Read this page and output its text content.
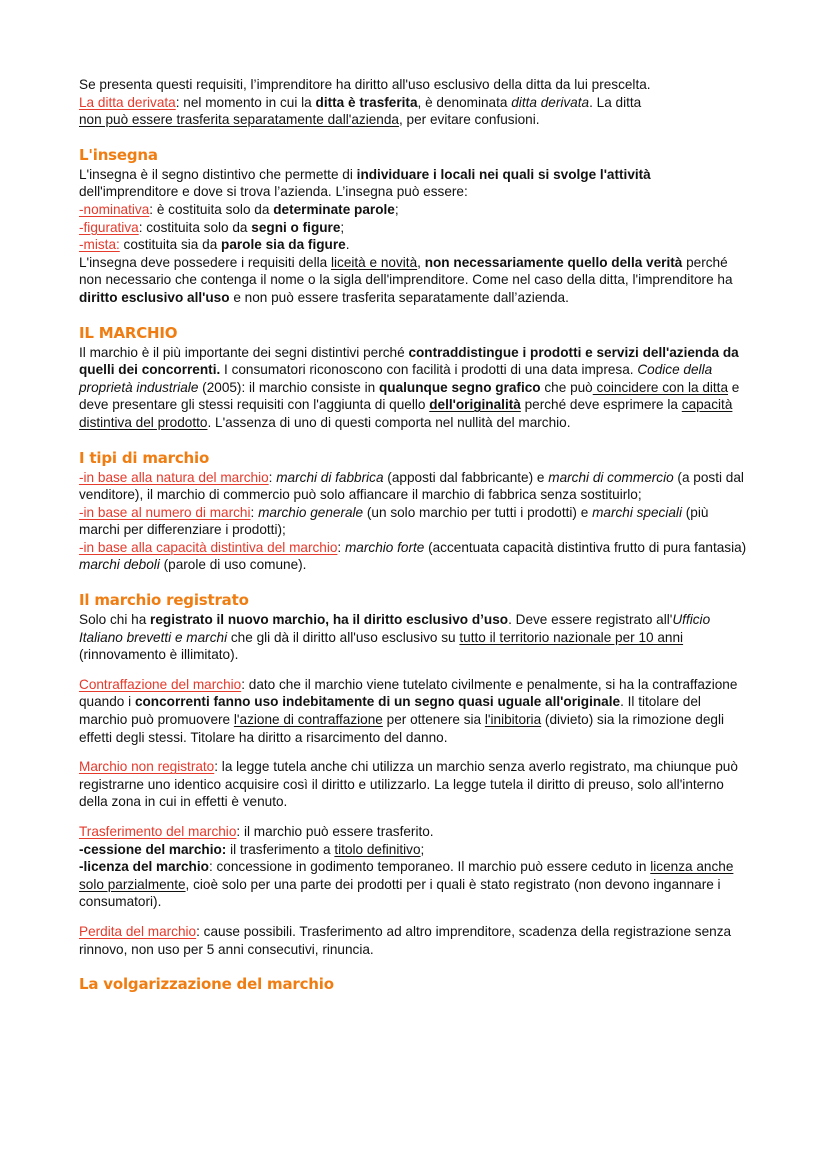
Se presenta questi requisiti, l’imprenditore ha diritto all'uso esclusivo della ditta da lui prescelta.
La ditta derivata: nel momento in cui la ditta è trasferita, è denominata ditta derivata. La ditta
non può essere trasferita separatamente dall'azienda, per evitare confusioni.

L'insegna

L'insegna è il segno distintivo che permette di individuare i locali nei quali si svolge l'attività dell'imprenditore e dove si trova l’azienda. L’insegna può essere:
-nominativa: è costituita solo da determinate parole;
-figurativa: costituita solo da segni o figure;
-mista: costituita sia da parole sia da figure.
L'insegna deve possedere i requisiti della liceità e novità, non necessariamente quello della verità perché non necessario che contenga il nome o la sigla dell'imprenditore. Come nel caso della ditta, l'imprenditore ha diritto esclusivo all'uso e non può essere trasferita separatamente dall’azienda.

IL MARCHIO

Il marchio è il più importante dei segni distintivi perché contraddistingue i prodotti e servizi dell'azienda da quelli dei concorrenti. I consumatori riconoscono con facilità i prodotti di una data impresa. Codice della proprietà industriale (2005): il marchio consiste in qualunque segno grafico che può coincidere con la ditta e deve presentare gli stessi requisiti con l'aggiunta di quello dell'originalità perché deve esprimere la capacità distintiva del prodotto. L'assenza di uno di questi comporta nel nullità del marchio.

I tipi di marchio

-in base alla natura del marchio: marchi di fabbrica (apposti dal fabbricante) e marchi di commercio (a posti dal venditore), il marchio di commercio può solo affiancare il marchio di fabbrica senza sostituirlo;
-in base al numero di marchi: marchio generale (un solo marchio per tutti i prodotti) e marchi speciali (più marchi per differenziare i prodotti);
-in base alla capacità distintiva del marchio: marchio forte (accentuata capacità distintiva frutto di pura fantasia) marchi deboli (parole di uso comune).

Il marchio registrato

Solo chi ha registrato il nuovo marchio, ha il diritto esclusivo d’uso. Deve essere registrato all'Ufficio Italiano brevetti e marchi che gli dà il diritto all'uso esclusivo su tutto il territorio nazionale per 10 anni (rinnovamento è illimitato).

Contraffazione del marchio: dato che il marchio viene tutelato civilmente e penalmente, si ha la contraffazione quando i concorrenti fanno uso indebitamente di un segno quasi uguale all'originale. Il titolare del marchio può promuovere l'azione di contraffazione per ottenere sia l'inibitoria (divieto) sia la rimozione degli effetti degli stessi. Titolare ha diritto a risarcimento del danno.

Marchio non registrato: la legge tutela anche chi utilizza un marchio senza averlo registrato, ma chiunque può registrarne uno identico acquisire così il diritto e utilizzarlo. La legge tutela il diritto di preuso, solo all'interno della zona in cui in effetti è venuto.

Trasferimento del marchio: il marchio può essere trasferito.
-cessione del marchio: il trasferimento a titolo definitivo;
-licenza del marchio: concessione in godimento temporaneo. Il marchio può essere ceduto in licenza anche solo parzialmente, cioè solo per una parte dei prodotti per i quali è stato registrato (non devono ingannare i consumatori).

Perdita del marchio: cause possibili. Trasferimento ad altro imprenditore, scadenza della registrazione senza rinnovo, non uso per 5 anni consecutivi, rinuncia.

La volgarizzazione del marchio
